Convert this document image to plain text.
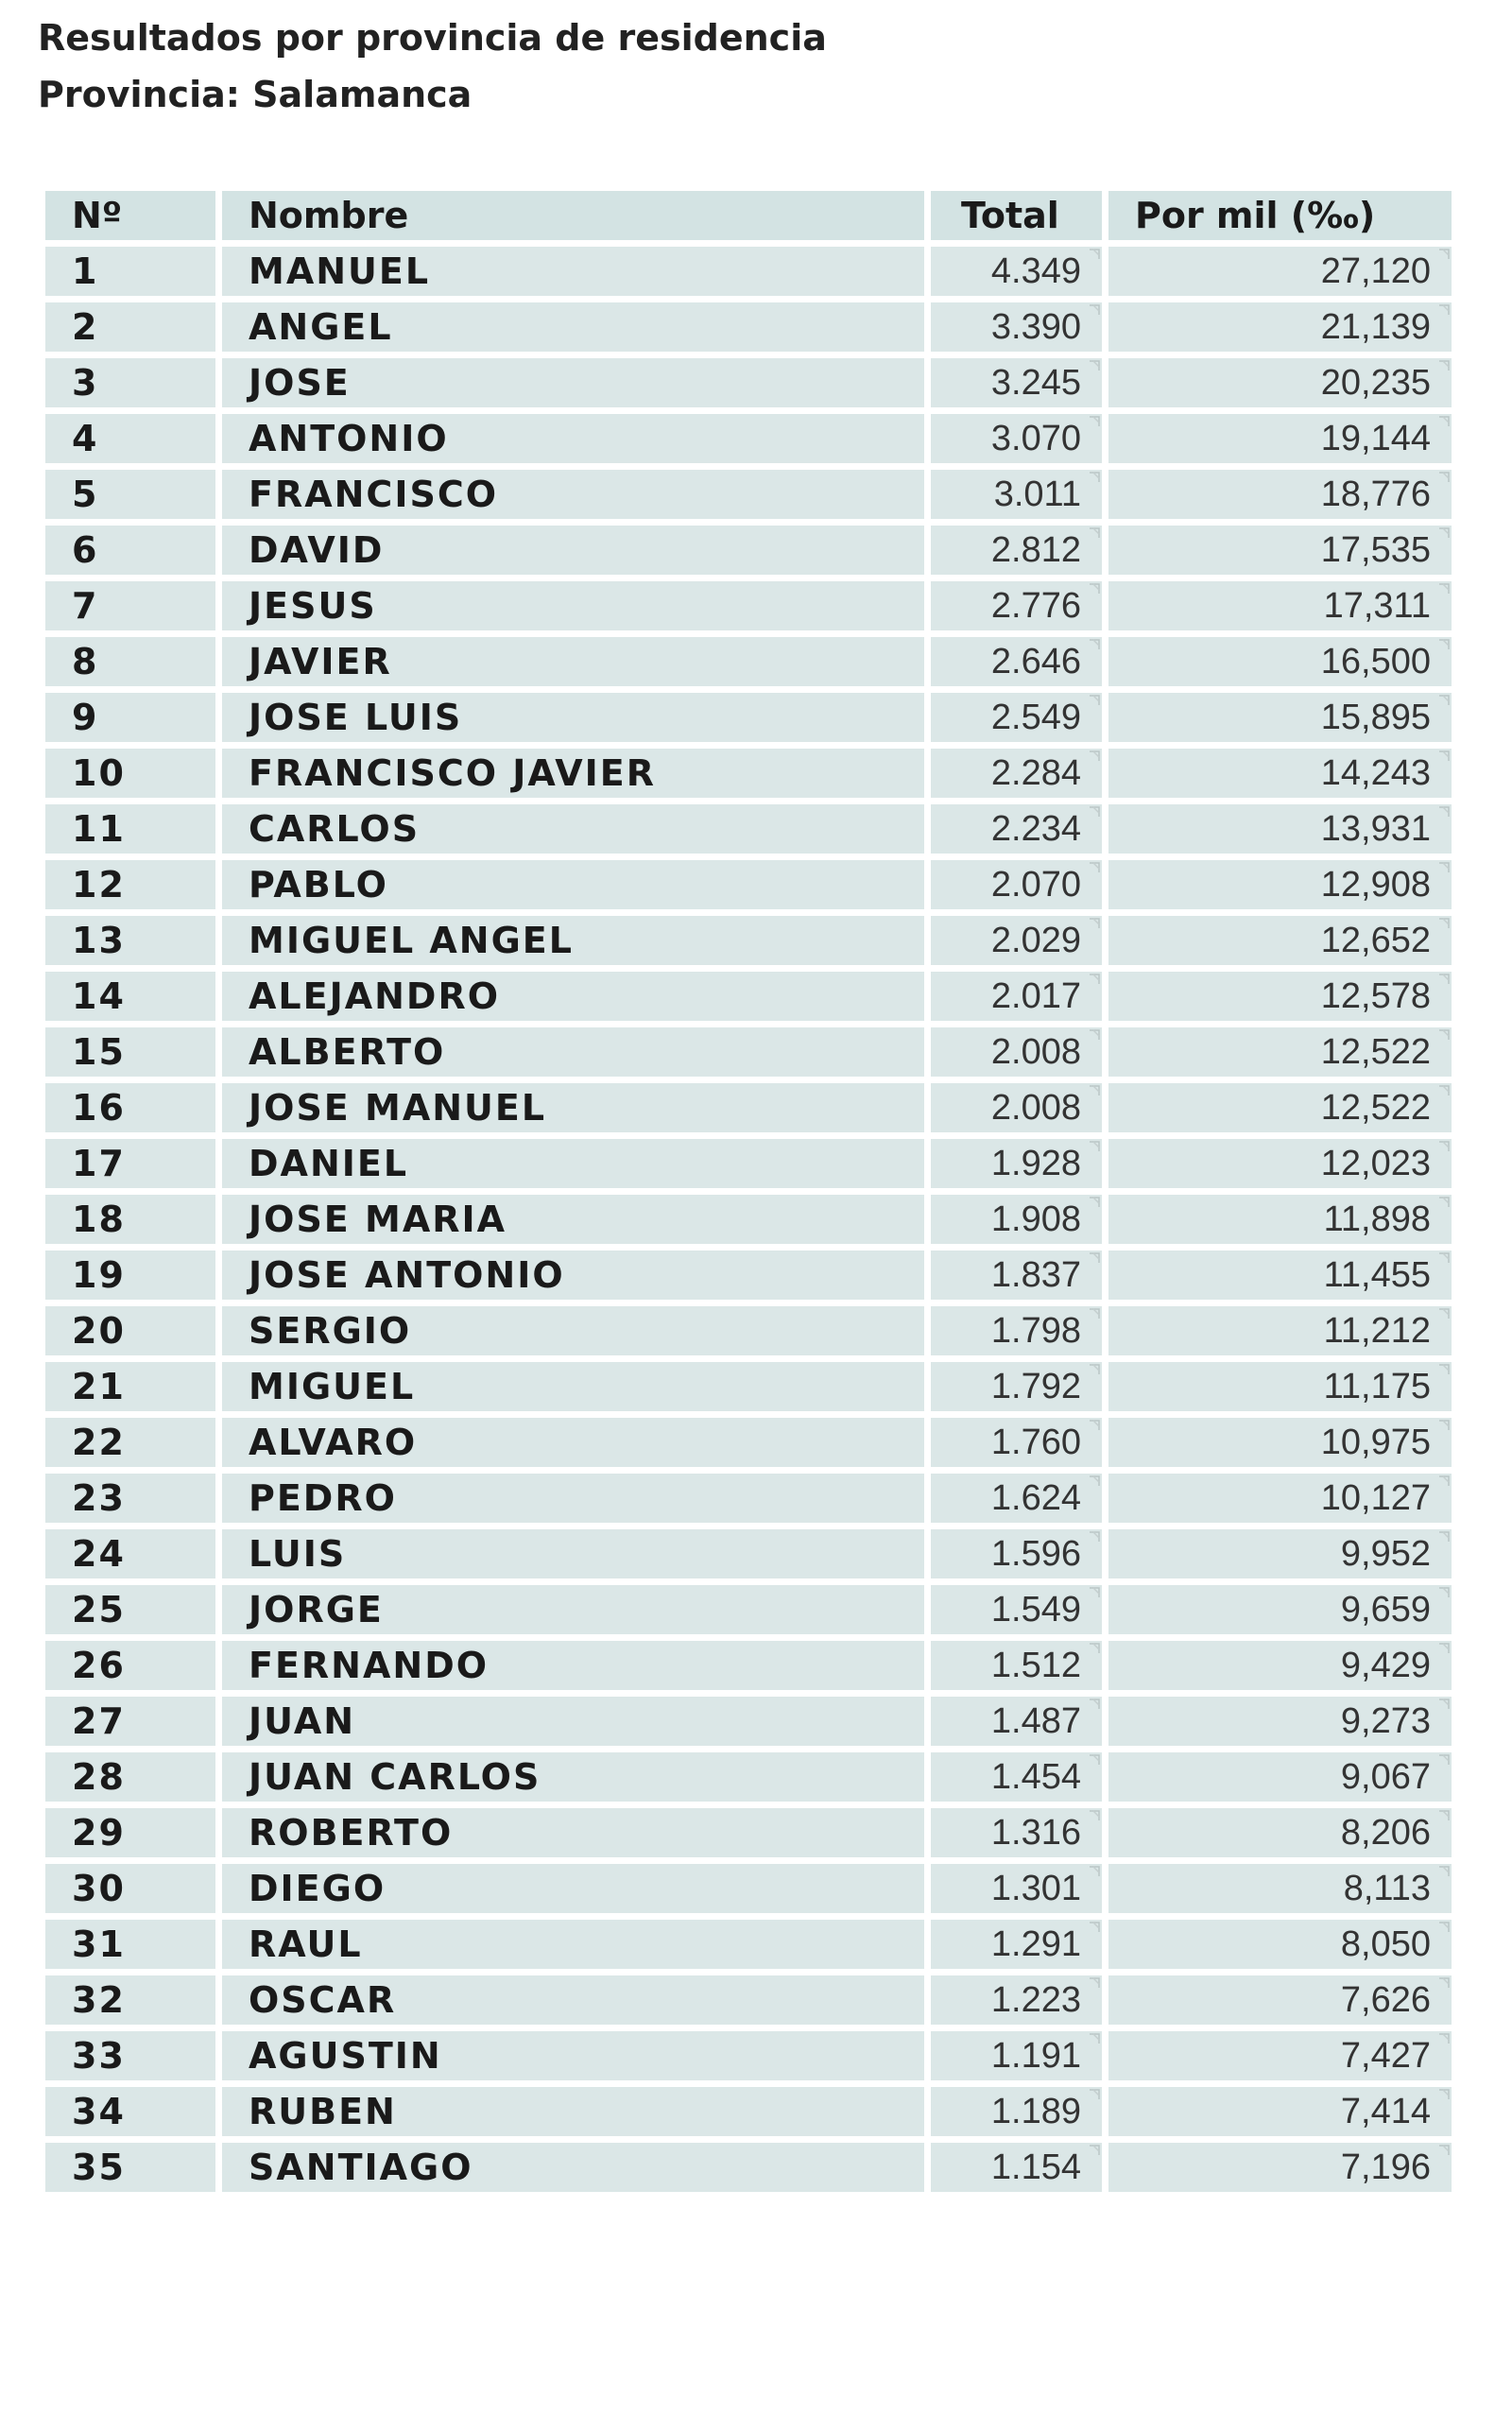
Resultados por provincia de residencia
Provincia: Salamanca
Nº	Nombre	Total	Por mil (‰)
1	MANUEL	4.349	27,120

2	ANGEL	3.390	21,139

3	JOSE	3.245	20,235

4	ANTONIO	3.070	19,144

5	FRANCISCO	3.011	18,776

6	DAVID	2.812	17,535

7	JESUS	2.776	17,311

8	JAVIER	2.646	16,500

9	JOSE LUIS	2.549	15,895

10	FRANCISCO JAVIER	2.284	14,243

11	CARLOS	2.234	13,931

12	PABLO	2.070	12,908

13	MIGUEL ANGEL	2.029	12,652

14	ALEJANDRO	2.017	12,578

15	ALBERTO	2.008	12,522

16	JOSE MANUEL	2.008	12,522

17	DANIEL	1.928	12,023

18	JOSE MARIA	1.908	11,898

19	JOSE ANTONIO	1.837	11,455

20	SERGIO	1.798	11,212

21	MIGUEL	1.792	11,175

22	ALVARO	1.760	10,975

23	PEDRO	1.624	10,127

24	LUIS	1.596	9,952

25	JORGE	1.549	9,659

26	FERNANDO	1.512	9,429

27	JUAN	1.487	9,273

28	JUAN CARLOS	1.454	9,067

29	ROBERTO	1.316	8,206

30	DIEGO	1.301	8,113

31	RAUL	1.291	8,050

32	OSCAR	1.223	7,626

33	AGUSTIN	1.191	7,427

34	RUBEN	1.189	7,414

35	SANTIAGO	1.154	7,196
